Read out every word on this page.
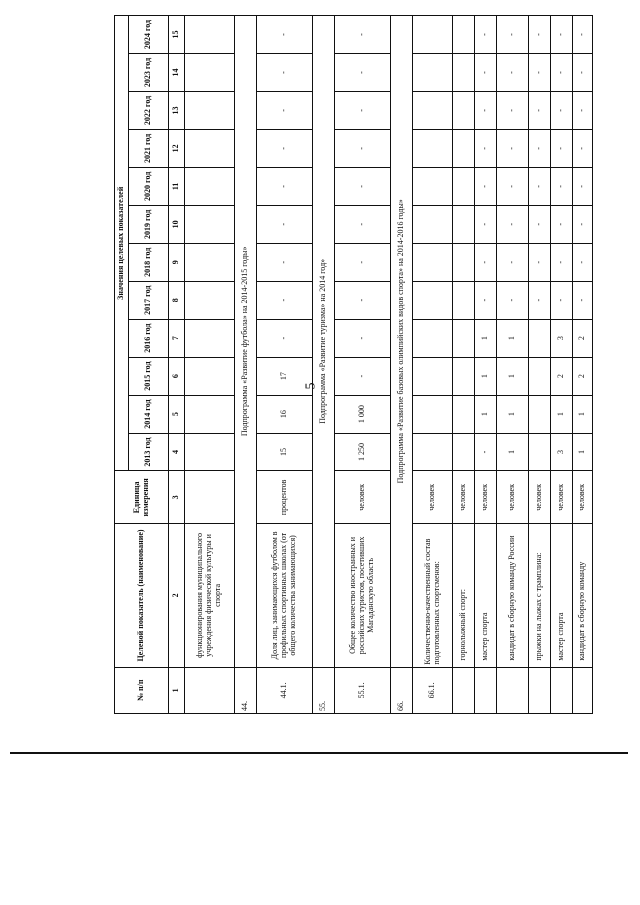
5
№ п/п	Целевой показатель (наименование)	Единица измерения	Значения целевых показателей											
			2013 год	2014 год	2015 год	2016 год	2017 год	2018 год	2019 год	2020 год	2021 год	2022 год	2023 год	2024 год
1	2	3	4	5	6	7	8	9	10	11	12	13	14	15
	функционирования муниципального учреждения физической культуры и спорта													
44.	Подпрограмма «Развитие футбола» на 2014-2015 годы»													
44.1.	Доля лиц, занимающихся футболом в профильных спортивных школах (от общего количества занимающихся)	процентов	15	16	17	-	-	-	-	-	-	-	-	-
55.	Подпрограмма «Развитие туризма» на 2014 год»													
55.1.	Общее количество иностранных и российских туристов, посетивших Магаданскую область	человек	1 250	1 000	-	-	-	-	-	-	-	-	-	-
66.	Подпрограмма «Развитие базовых олимпийских видов спорта» на 2014-2016 годы»													
66.1.	Количественно-качественный состав подготовленных спортсменов:	человек												
	горнолыжный спорт:	человек												
	мастер спорта	человек	-	1	1	1	-	-	-	-	-	-	-	-
	кандидат в сборную команду России	человек	1	1	1	1	-	-	-	-	-	-	-	-
	прыжки на лыжах с трамплина:	человек					-	-	-	-	-	-	-	-
	мастер спорта	человек	3	1	2	3	-	-	-	-	-	-	-	-
	кандидат в сборную команду	человек	1	1	2	2	-	-	-	-	-	-	-	-
